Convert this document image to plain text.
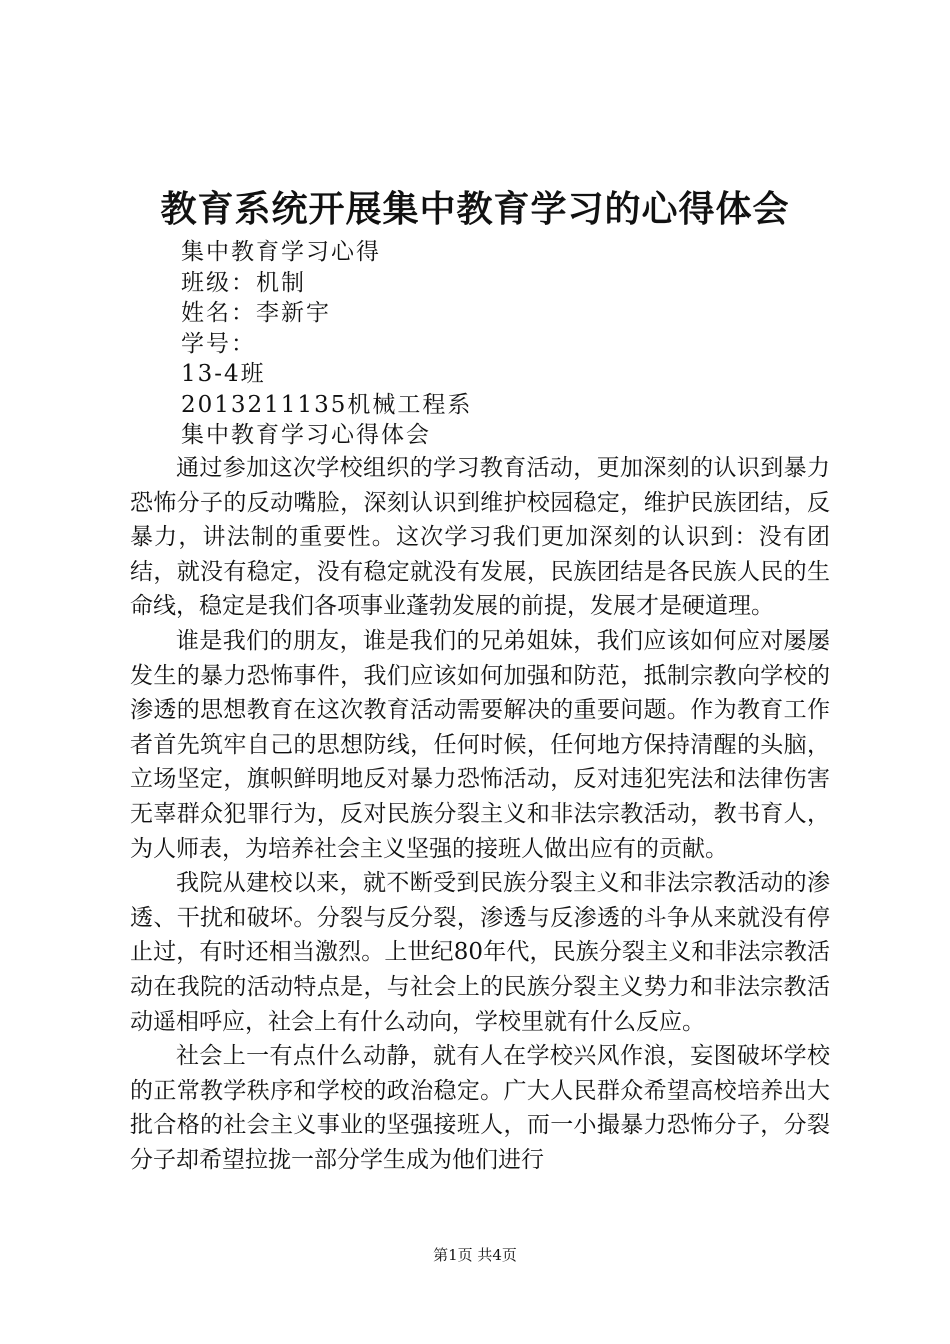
教育系统开展集中教育学习的心得体会
集中教育学习心得
班级：机制
姓名：李新宇
学号：
13-4班
2013211135机械工程系
集中教育学习心得体会

通过参加这次学校组织的学习教育活动，更加深刻的认识到暴力恐怖分子的反动嘴脸，深刻认识到维护校园稳定，维护民族团结，反暴力，讲法制的重要性。这次学习我们更加深刻的认识到：没有团结，就没有稳定，没有稳定就没有发展，民族团结是各民族人民的生命线，稳定是我们各项事业蓬勃发展的前提，发展才是硬道理。

谁是我们的朋友，谁是我们的兄弟姐妹，我们应该如何应对屡屡发生的暴力恐怖事件，我们应该如何加强和防范，抵制宗教向学校的渗透的思想教育在这次教育活动需要解决的重要问题。作为教育工作者首先筑牢自己的思想防线，任何时候，任何地方保持清醒的头脑，立场坚定，旗帜鲜明地反对暴力恐怖活动，反对违犯宪法和法律伤害无辜群众犯罪行为，反对民族分裂主义和非法宗教活动，教书育人，为人师表，为培养社会主义坚强的接班人做出应有的贡献。

我院从建校以来，就不断受到民族分裂主义和非法宗教活动的渗透、干扰和破坏。分裂与反分裂，渗透与反渗透的斗争从来就没有停止过，有时还相当激烈。上世纪80年代，民族分裂主义和非法宗教活动在我院的活动特点是，与社会上的民族分裂主义势力和非法宗教活动遥相呼应，社会上有什么动向，学校里就有什么反应。

社会上一有点什么动静，就有人在学校兴风作浪，妄图破坏学校的正常教学秩序和学校的政治稳定。广大人民群众希望高校培养出大批合格的社会主义事业的坚强接班人，而一小撮暴力恐怖分子，分裂分子却希望拉拢一部分学生成为他们进行

第1页 共4页
